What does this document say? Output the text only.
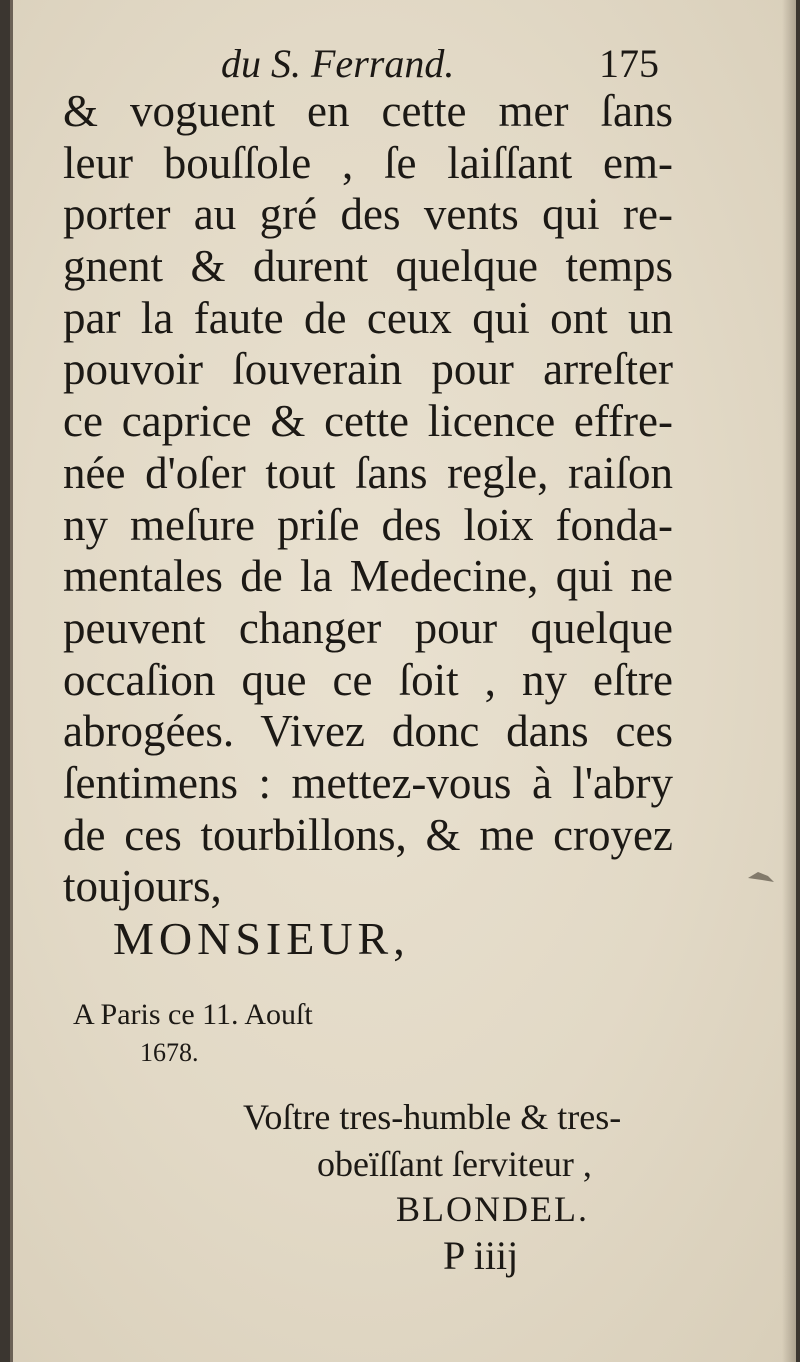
du S. Ferrand.	175
& voguent en cette mer ſans
leur bouſſole , ſe laiſſant em-
porter au gré des vents qui re-
gnent & durent quelque temps
par la faute de ceux qui ont un
pouvoir ſouverain pour arreſter
ce caprice & cette licence effre-
née d'oſer tout ſans regle, raiſon
ny meſure priſe des loix fonda-
mentales de la Medecine, qui ne
peuvent changer pour quelque
occaſion que ce ſoit , ny eſtre
abrogées. Vivez donc dans ces
ſentimens : mettez-vous à l'abry
de ces tourbillons, & me croyez
toujours,
MONSIEUR,
A Paris ce 11. Aouſt
1678.
Voſtre tres-humble & tres-
obeïſſant ſerviteur ,
BLONDEL.
P iiij
